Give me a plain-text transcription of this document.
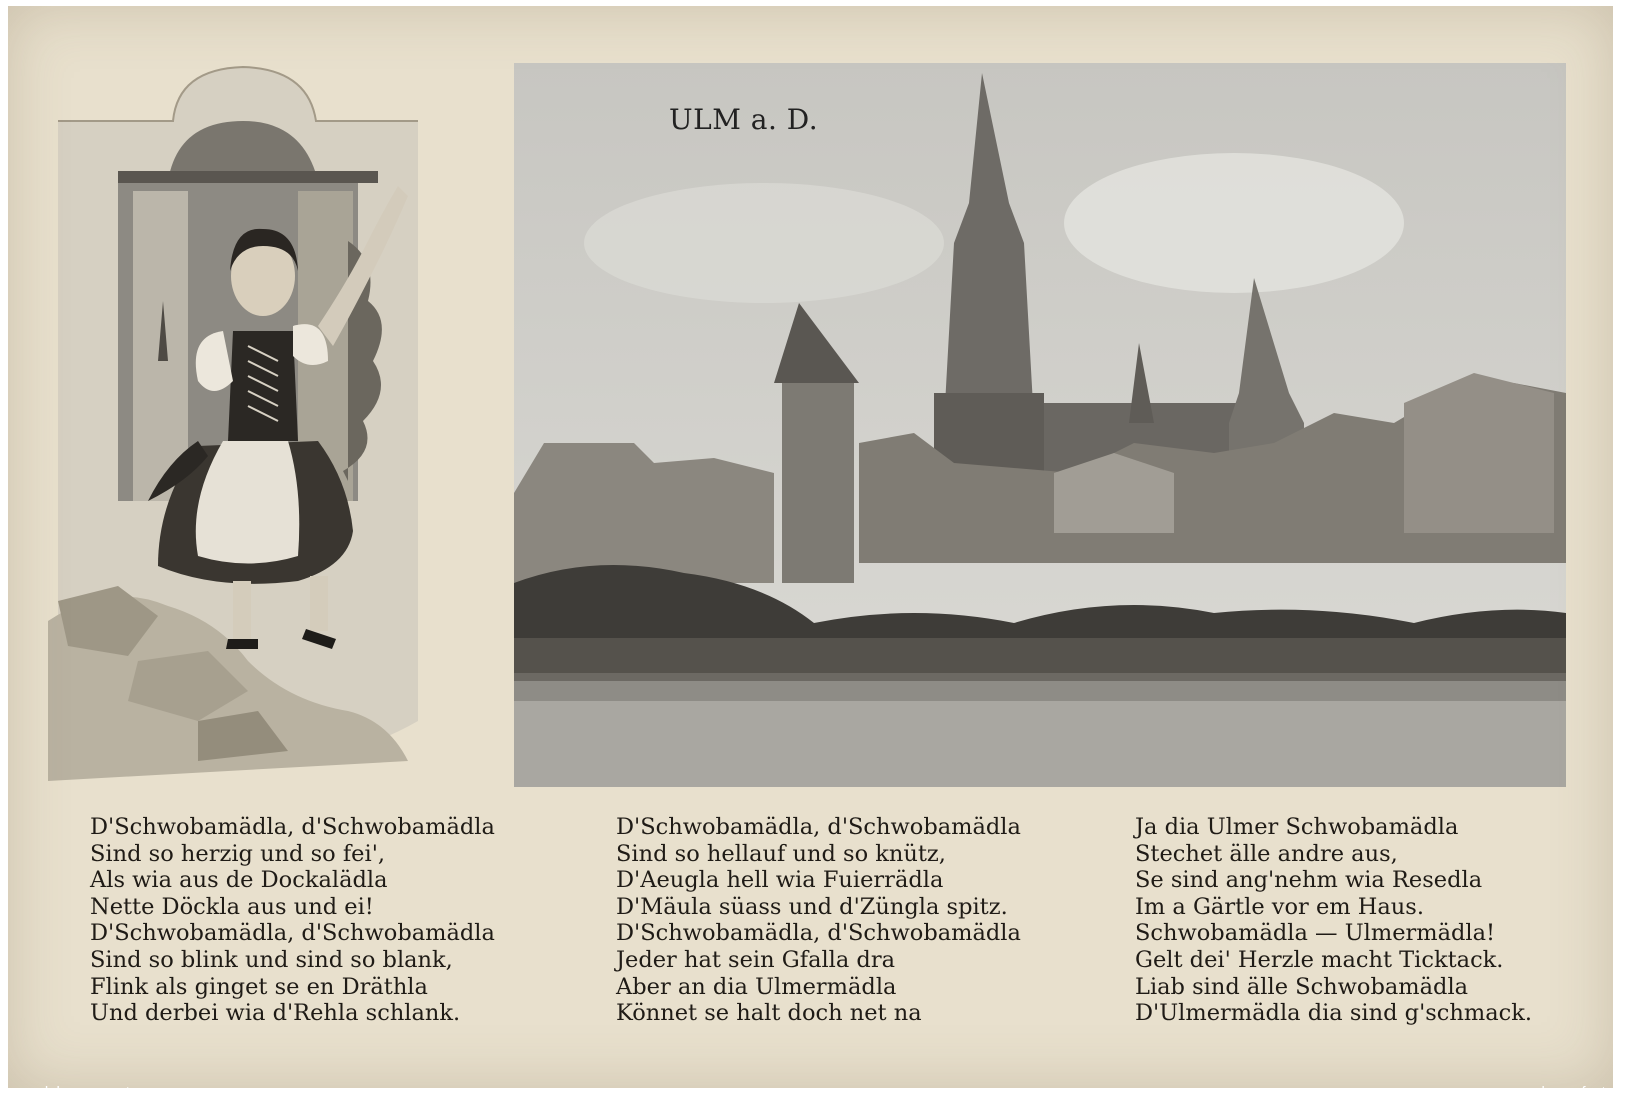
ULM a. D.
D'Schwobamädla, d'Schwobamädla
Sind so herzig und so fei',
Als wia aus de Dockalädla
Nette Döckla aus und ei!
D'Schwobamädla, d'Schwobamädla
Sind so blink und sind so blank,
Flink als ginget se en Dräthla
Und derbei wia d'Rehla schlank.
D'Schwobamädla, d'Schwobamädla
Sind so hellauf und so knütz,
D'Aeugla hell wia Fuierrädla
D'Mäula süass und d'Züngla spitz.
D'Schwobamädla, d'Schwobamädla
Jeder hat sein Gfalla dra
Aber an dia Ulmermädla
Könnet se halt doch net na
Ja dia Ulmer Schwobamädla
Stechet älle andre aus,
Se sind ang'nehm wia Resedla
Im a Gärtle vor em Haus.
Schwobamädla — Ulmermädla!
Gelt dei' Herzle macht Ticktack.
Liab sind älle Schwobamädla
D'Ulmermädla dia sind g'schmack.
www.delcampe.net	kennyfester
